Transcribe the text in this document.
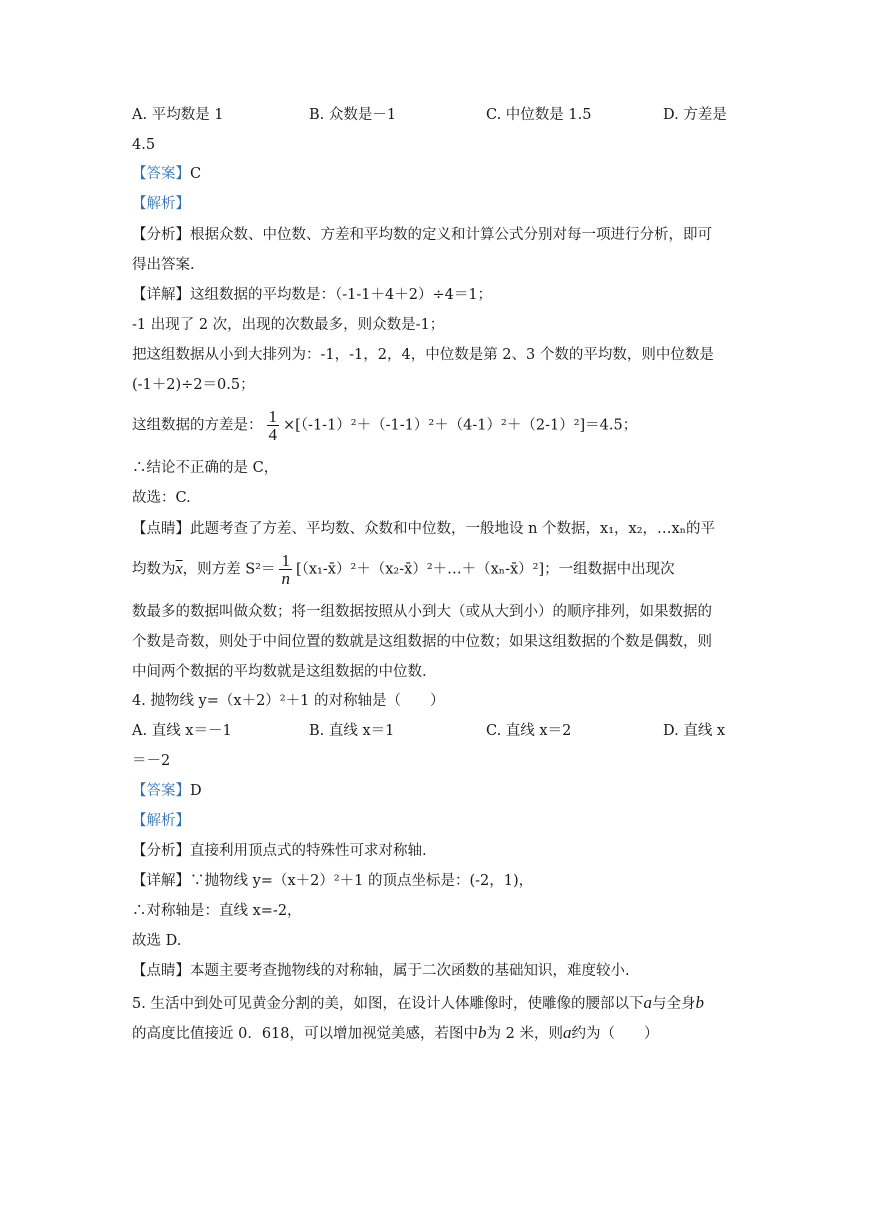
A. 平均数是 1	B. 众数是－1	C. 中位数是 1.5	D. 方差是
4.5
【答案】C
【解析】
【分析】根据众数、中位数、方差和平均数的定义和计算公式分别对每一项进行分析，即可
得出答案.
【详解】这组数据的平均数是：（-1-1＋4＋2）÷4＝1；
-1 出现了 2 次，出现的次数最多，则众数是-1；
把这组数据从小到大排列为：-1，-1，2，4，中位数是第 2、3 个数的平均数，则中位数是
(-1＋2)÷2＝0.5；
这组数据的方差是： $\frac{1}{4} \times[(-1-1)^2+(-1-1)^2+(4-1)^2+(2-1)^2]=4.5$；
∴结论不正确的是 C，
故选：C.
【点睛】此题考查了方差、平均数、众数和中位数，一般地设 n 个数据，x₁，x₂，…xₙ的平
均数为$\overline{x}$，则方差 $S^2= \frac{1}{n}$ [（x₁-x̄）²＋（x₂-x̄）²＋…＋（xₙ-x̄）²]；一组数据中出现次
数最多的数据叫做众数；将一组数据按照从小到大（或从大到小）的顺序排列，如果数据的
个数是奇数，则处于中间位置的数就是这组数据的中位数；如果这组数据的个数是偶数，则
中间两个数据的平均数就是这组数据的中位数.
4. 抛物线 y=（x＋2）²＋1 的对称轴是（　　）
A. 直线 x＝－1	B. 直线 x＝1	C. 直线 x＝2	D. 直线 x
＝－2
【答案】D
【解析】
【分析】直接利用顶点式的特殊性可求对称轴.
【详解】∵抛物线 y=（x＋2）²＋1 的顶点坐标是：(-2，1)，
∴对称轴是：直线 x=-2，
故选 D.
【点睛】本题主要考查抛物线的对称轴，属于二次函数的基础知识，难度较小.
5. 生活中到处可见黄金分割的美，如图，在设计人体雕像时，使雕像的腰部以下a与全身b
的高度比值接近 0．618，可以增加视觉美感，若图中b为 2 米，则a约为（　　）
